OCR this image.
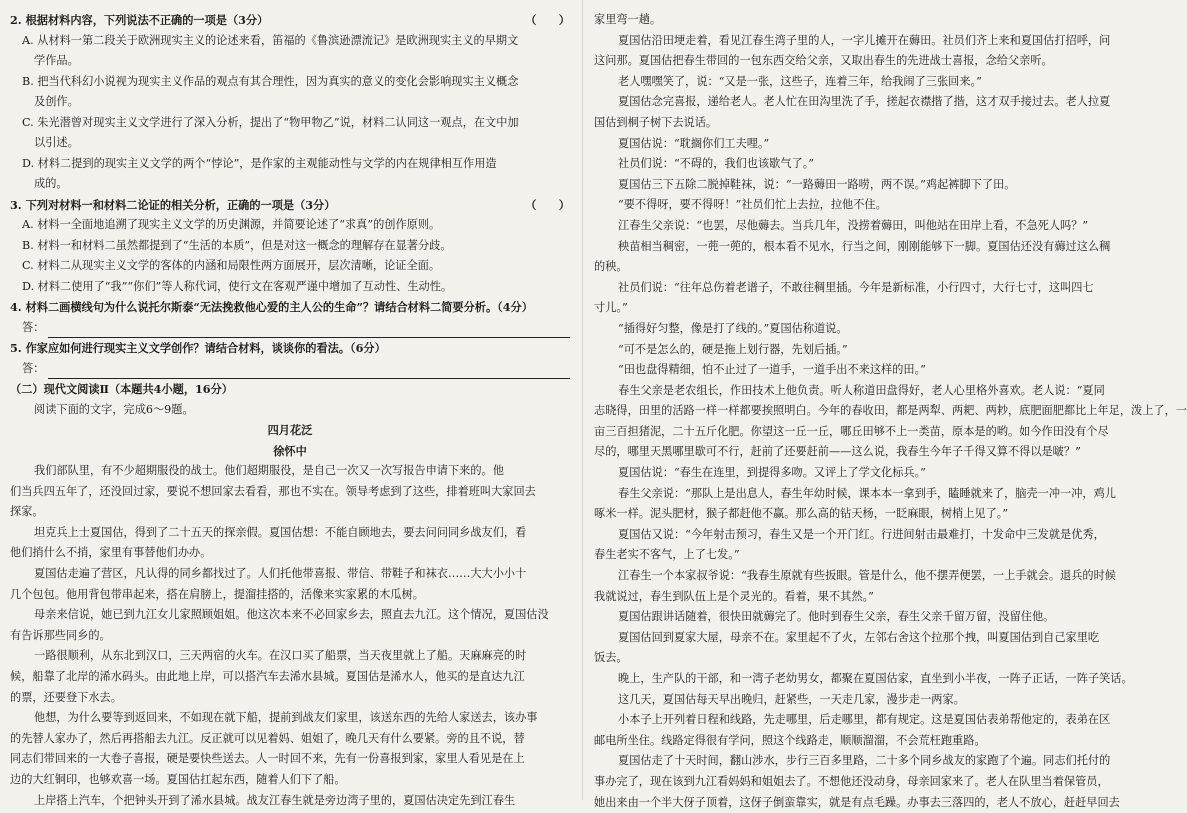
2. 根据材料内容，下列说法不正确的一项是（3分）	（　　）
A. 从材料一第二段关于欧洲现实主义的论述来看，笛福的《鲁滨逊漂流记》是欧洲现实主义的早期文
学作品。
B. 把当代科幻小说视为现实主义作品的观点有其合理性，因为真实的意义的变化会影响现实主义概念
及创作。
C. 朱光潜曾对现实主义文学进行了深入分析，提出了“物甲物乙”说，材料二认同这一观点，在文中加
以引述。
D. 材料二提到的现实主义文学的两个“悖论”，是作家的主观能动性与文学的内在规律相互作用造
成的。
3. 下列对材料一和材料二论证的相关分析，正确的一项是（3分）	（　　）
A. 材料一全面地追溯了现实主义文学的历史渊源，并简要论述了“求真”的创作原则。
B. 材料一和材料二虽然都提到了“生活的本质”，但是对这一概念的理解存在显著分歧。
C. 材料二从现实主义文学的客体的内涵和局限性两方面展开，层次清晰，论证全面。
D. 材料二使用了“我”“你们”等人称代词，使行文在客观严谨中增加了互动性、生动性。
4. 材料二画横线句为什么说托尔斯泰“无法挽救他心爱的主人公的生命”？请结合材料二简要分析。（4分）
答：
5. 作家应如何进行现实主义文学创作？请结合材料，谈谈你的看法。（6分）
答：
（二）现代文阅读Ⅱ（本题共4小题，16分）
阅读下面的文字，完成6～9题。
四月花泛
徐怀中
我们部队里，有不少超期服役的战士。他们超期服役，是自己一次又一次写报告申请下来的。他
们当兵四五年了，还没回过家，要说不想回家去看看，那也不实在。领导考虑到了这些，排着班叫大家回去
探家。
坦克兵上士夏国估，得到了二十五天的探亲假。夏国估想：不能自顾地去，要去问问同乡战友们，看
他们捎什么不捎，家里有事替他们办办。
夏国估走遍了营区，凡认得的同乡都找过了。人们托他带喜报、带信、带鞋子和袜衣……大大小小十
几个包包。他用背包带串起来，搭在肩膀上，提溜挂搭的，活像来实家累的木瓜树。
母亲来信说，她已到九江女儿家照顾姐姐。他这次本来不必回家乡去，照直去九江。这个情况，夏国估没
有告诉那些同乡的。
一路很顺利，从东北到汉口，三天两宿的火车。在汉口买了船票，当天夜里就上了船。天麻麻亮的时
候，船靠了北岸的浠水码头。由此地上岸，可以搭汽车去浠水县城。夏国估是浠水人，他买的是直达九江
的票，还要登下水去。
他想，为什么要等到返回来，不如现在就下船，提前到战友们家里，该送东西的先给人家送去，该办事
的先替人家办了，然后再搭船去九江。反正就可以见着妈、姐姐了，晚几天有什么要紧。旁的且不说，替
同志们带回来的一大卷子喜报，硬是要快些送去。人一时回不来，先有一份喜报到家，家里人看见是在上
边的大红铜印，也够欢喜一场。夏国估扛起东西，随着人们下了船。
上岸搭上汽车，个把钟头开到了浠水县城。战友江春生就是旁边湾子里的，夏国估决定先到江春生
家里弯一趟。
夏国估沿田埂走着，看见江春生湾子里的人，一字儿摊开在薅田。社员们齐上来和夏国估打招呼，问
这问那。夏国估把春生带回的一包东西交给父亲，又取出春生的先进战士喜报，念给父亲听。
老人嘿嘿笑了，说：“又是一张，这些子，连着三年，给我闹了三张回来。”
夏国估念完喜报，递给老人。老人忙在田沟里洗了手，搓起衣襟揩了揩，这才双手接过去。老人拉夏
国估到桐子树下去说话。
夏国估说：“耽搁你们工夫哩。”
社员们说：“不碍的，我们也该歇气了。”
夏国估三下五除二脱掉鞋袜，说：“一路薅田一路唠，两不误。”鸡起裤脚下了田。
“要不得呀，要不得呀！”社员们忙上去拉，拉他不住。
江春生父亲说：“也罢，尽他薅去。当兵几年，没捞着薅田，叫他站在田岸上看，不急死人吗？”
秧苗相当稠密，一蔸一蔸的，根本看不见水，行当之间，刚刚能够下一脚。夏国估还没有薅过这么稠
的秧。
社员们说：“往年总伤着老谱子，不敢往稠里插。今年是新标准，小行四寸，大行七寸，这叫四七
寸儿。”
“插得好匀整，像是打了线的。”夏国估称道说。
“可不是怎么的，硬是拖上划行器，先划后插。”
“田也盘得精细，怕不止过了一道手，一道手出不来这样的田。”
春生父亲是老农组长，作田技术上他负责。听人称道田盘得好，老人心里格外喜欢。老人说：“夏同
志晓得，田里的活路一样一样都要挨照明白。今年的春收田，都是两犁、两耙、两耖，底肥面肥都比上年足，泼上了，一
亩三百担猪泥，二十五斤化肥。你望这一丘一丘，哪丘田够不上一类苗，原本是的哟。如今作田没有个尽
尽的，哪里天黑哪里歇可不行，赶前了还要赶前——这么说，我春生今年子千得又算不得以是啵？”
夏国估说：“春生在连里，到提得多吻。又评上了学文化标兵。”
春生父亲说：“那队上是出息人，春生年幼时候，课本本一拿到手，瞌睡就来了，脑壳一冲一冲，鸡儿
啄米一样。泥头肥材，猴子都赶他不赢。那么高的钻天杨，一眨麻眼，树梢上见了。”
夏国估又说：“今年射击预习，春生又是一个开门红。行进间射击最难打，十发命中三发就是优秀，
春生老实不客气，上了七发。”
江春生一个本家叔爷说：“我春生原就有些扳眼。管是什么，他不摆弄便罢，一上手就会。退兵的时候
我就说过，春生到队伍上是个灵光的。看着，果不其然。”
夏国估跟讲话随着，很快田就薅完了。他时到春生父亲，春生父亲千留万留，没留住他。
夏国估回到夏家大屋，母亲不在。家里起不了火，左邻右舍这个拉那个拽，叫夏国估到自己家里吃
饭去。
晚上，生产队的干部，和一湾子老幼男女，都聚在夏国估家，直坐到小半夜，一阵子正话，一阵子笑话。
这几天，夏国估每天早出晚归，赶紧些，一天走几家，漫步走一两家。
小本子上开列着日程和线路，先走哪里，后走哪里，都有规定。这是夏国估表弟帮他定的，表弟在区
邮电所坐住。线路定得很有学问，照这个线路走，顺顺溜溜，不会荒枉跑重路。
夏国估走了十天时间，翻山涉水，步行三百多里路，二十多个同乡战友的家跑了个遍。同志们托付的
事办完了，现在该到九江看妈妈和姐姐去了。不想他还没动身，母亲回家来了。老人在队里当着保管员，
她出来由一个半大伢子顶着，这伢子倒蛮靠实，就是有点毛躁。办事去三落四的，老人不放心，赶赶早回去
